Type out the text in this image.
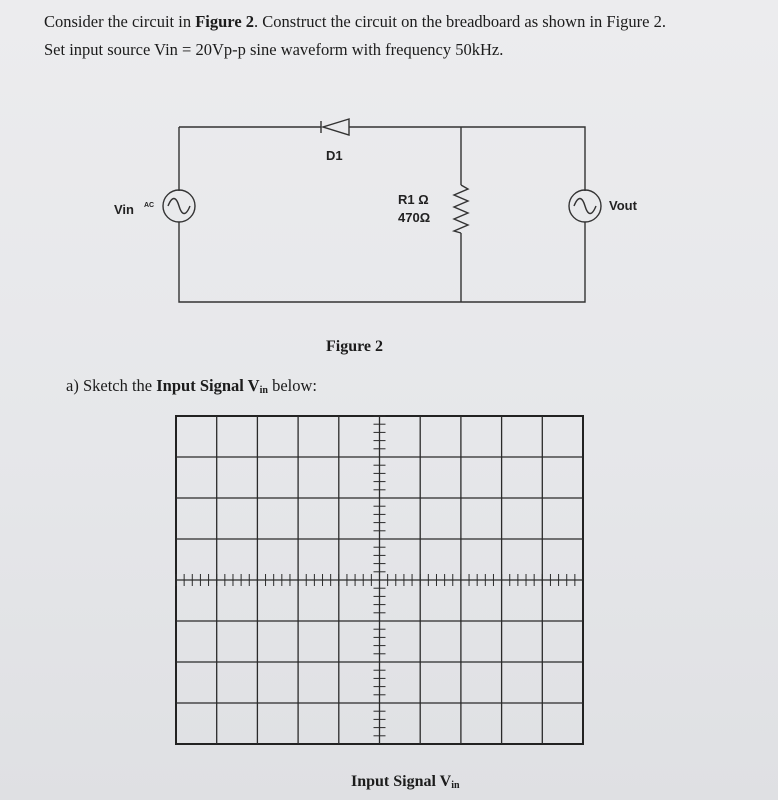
Consider the circuit in Figure 2. Construct the circuit on the breadboard as shown in Figure 2.
Set input source Vin = 20Vp-p sine waveform with frequency 50kHz.
D1
R1 Ω
470Ω
Vin AC	Vout
Figure 2
a) Sketch the Input Signal $V_{in}$ below:
Input Signal $V_{in}$
